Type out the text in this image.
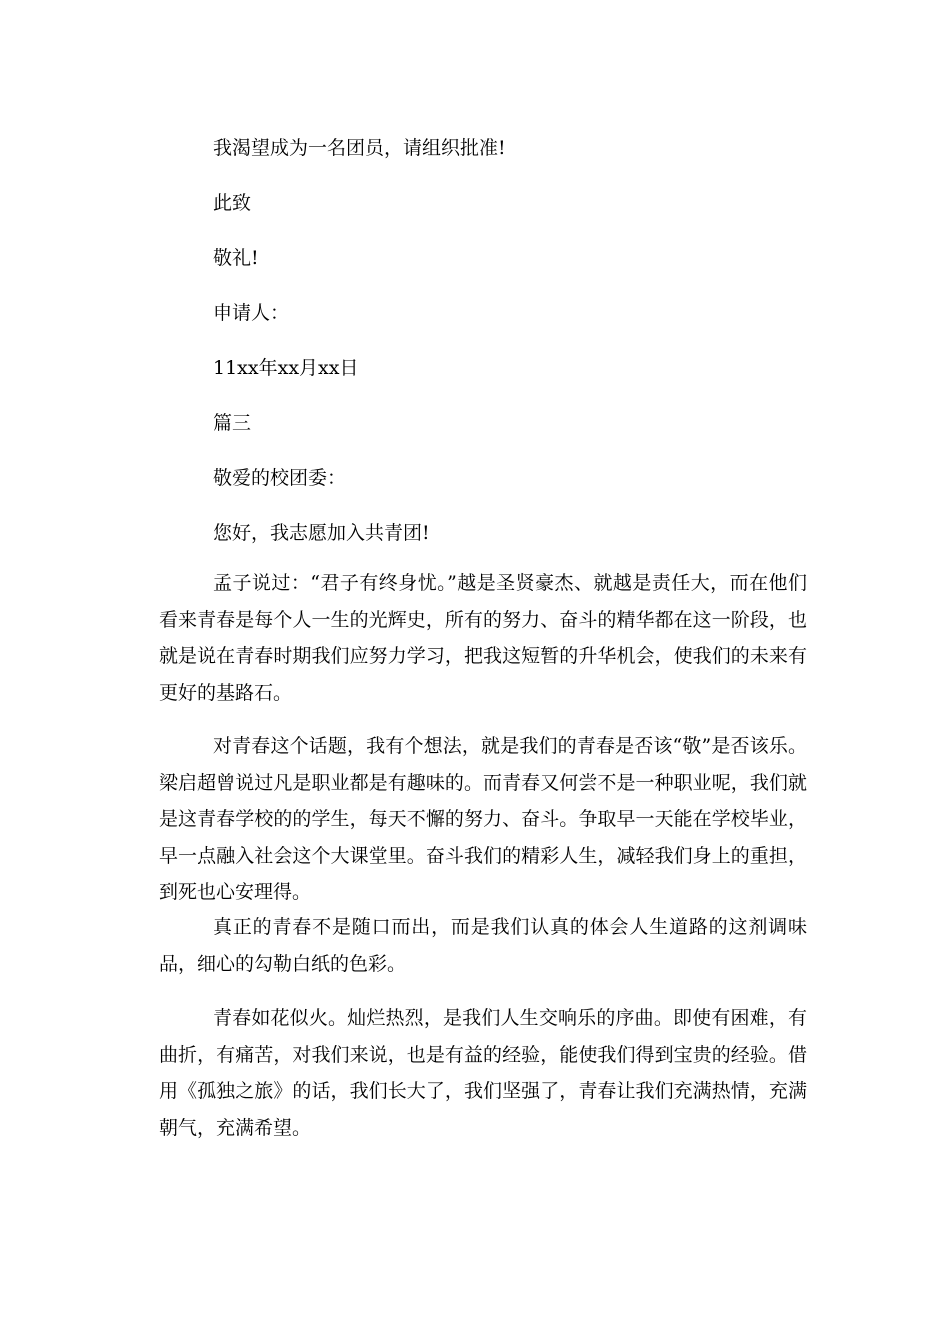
我渴望成为一名团员，请组织批准!
此致
敬礼!
申请人：
11xx年xx月xx日
篇三
敬爱的校团委：
您好，我志愿加入共青团!

孟子说过：“君子有终身忧。”越是圣贤豪杰、就越是责任大，而在他们看来青春是每个人一生的光辉史，所有的努力、奋斗的精华都在这一阶段，也就是说在青春时期我们应努力学习，把我这短暂的升华机会，使我们的未来有更好的基路石。

对青春这个话题，我有个想法，就是我们的青春是否该“敬”是否该乐。梁启超曾说过凡是职业都是有趣味的。而青春又何尝不是一种职业呢，我们就是这青春学校的的学生，每天不懈的努力、奋斗。争取早一天能在学校毕业，早一点融入社会这个大课堂里。奋斗我们的精彩人生，减轻我们身上的重担，到死也心安理得。

真正的青春不是随口而出，而是我们认真的体会人生道路的这剂调味品，细心的勾勒白纸的色彩。

青春如花似火。灿烂热烈，是我们人生交响乐的序曲。即使有困难，有曲折，有痛苦，对我们来说，也是有益的经验，能使我们得到宝贵的经验。借用《孤独之旅》的话，我们长大了，我们坚强了，青春让我们充满热情，充满朝气，充满希望。
